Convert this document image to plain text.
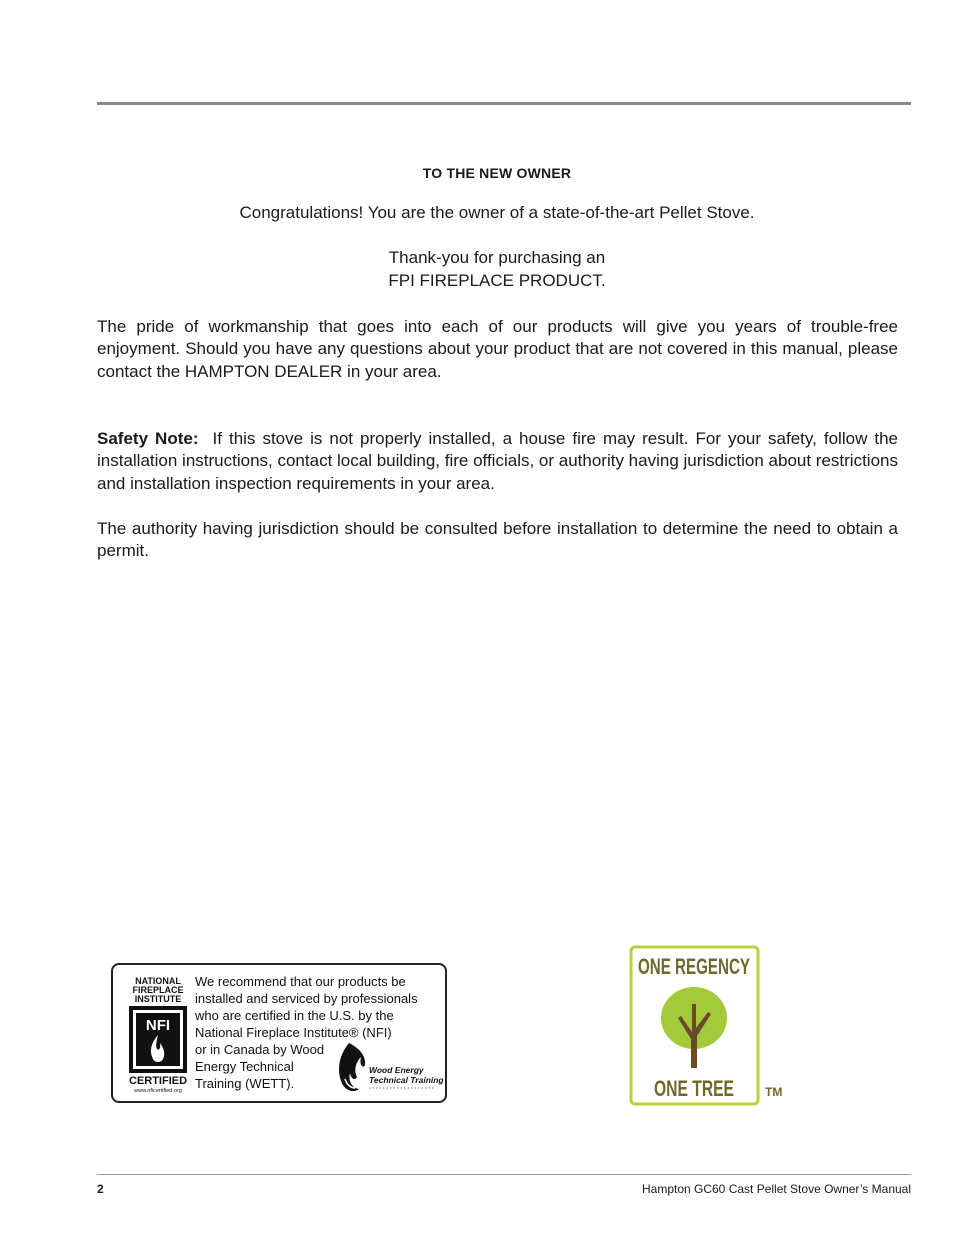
TO THE NEW OWNER
Congratulations! You are the owner of a state-of-the-art Pellet Stove.
Thank-you for purchasing an
FPI FIREPLACE PRODUCT.
The pride of workmanship that goes into each of our products will give you years of trouble-free enjoyment. Should you have any questions about your product that are not covered in this manual, please contact the HAMPTON DEALER in your area.
Safety Note: If this stove is not properly installed, a house fire may result. For your safety, follow the installation instructions, contact local building, fire officials, or authority having jurisdiction about restrictions and installation inspection requirements in your area.
The authority having jurisdiction should be consulted before installation to determine the need to obtain a permit.
NATIONAL
FIREPLACE
INSTITUTE
NFI
CERTIFIED
www.nficertified.org
We recommend that our products be
installed and serviced by professionals
who are certified in the U.S. by the
National Fireplace Institute® (NFI)
or in Canada by Wood
Energy Technical
Training (WETT).
Wood Energy
Technical Training
ONE REGENCY
ONE TREE	TM
2	Hampton GC60 Cast Pellet Stove Owner’s Manual
